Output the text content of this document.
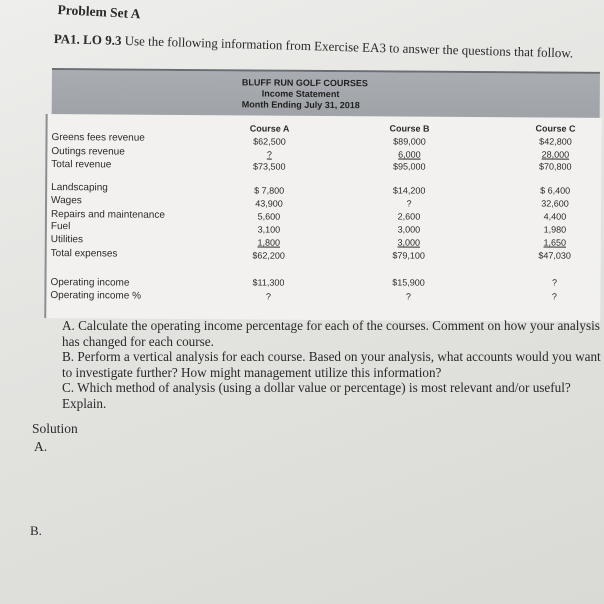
Problem Set A
PA1. LO 9.3 Use the following information from Exercise EA3 to answer the questions that follow.
BLUFF RUN GOLF COURSES
Income Statement
Month Ending July 31, 2018
Course A	Course B	Course C
Greens fees revenue	$62,500	$89,000	$42,800
Outings revenue	?	6,000	28,000
Total revenue	$73,500	$95,000	$70,800
Landscaping	$ 7,800	$14,200	$ 6,400
Wages	43,900	?	32,600
Repairs and maintenance	5,600	2,600	4,400
Fuel	3,100	3,000	1,980
Utilities	1,800	3,000	1,650
Total expenses	$62,200	$79,100	$47,030
Operating income	$11,300	$15,900	?
Operating income %	?	?	?

A. Calculate the operating income percentage for each of the courses. Comment on how your analysis has changed for each course.

B. Perform a vertical analysis for each course. Based on your analysis, what accounts would you want to investigate further? How might management utilize this information?

C. Which method of analysis (using a dollar value or percentage) is most relevant and/or useful? Explain.

Solution
A.
B.
